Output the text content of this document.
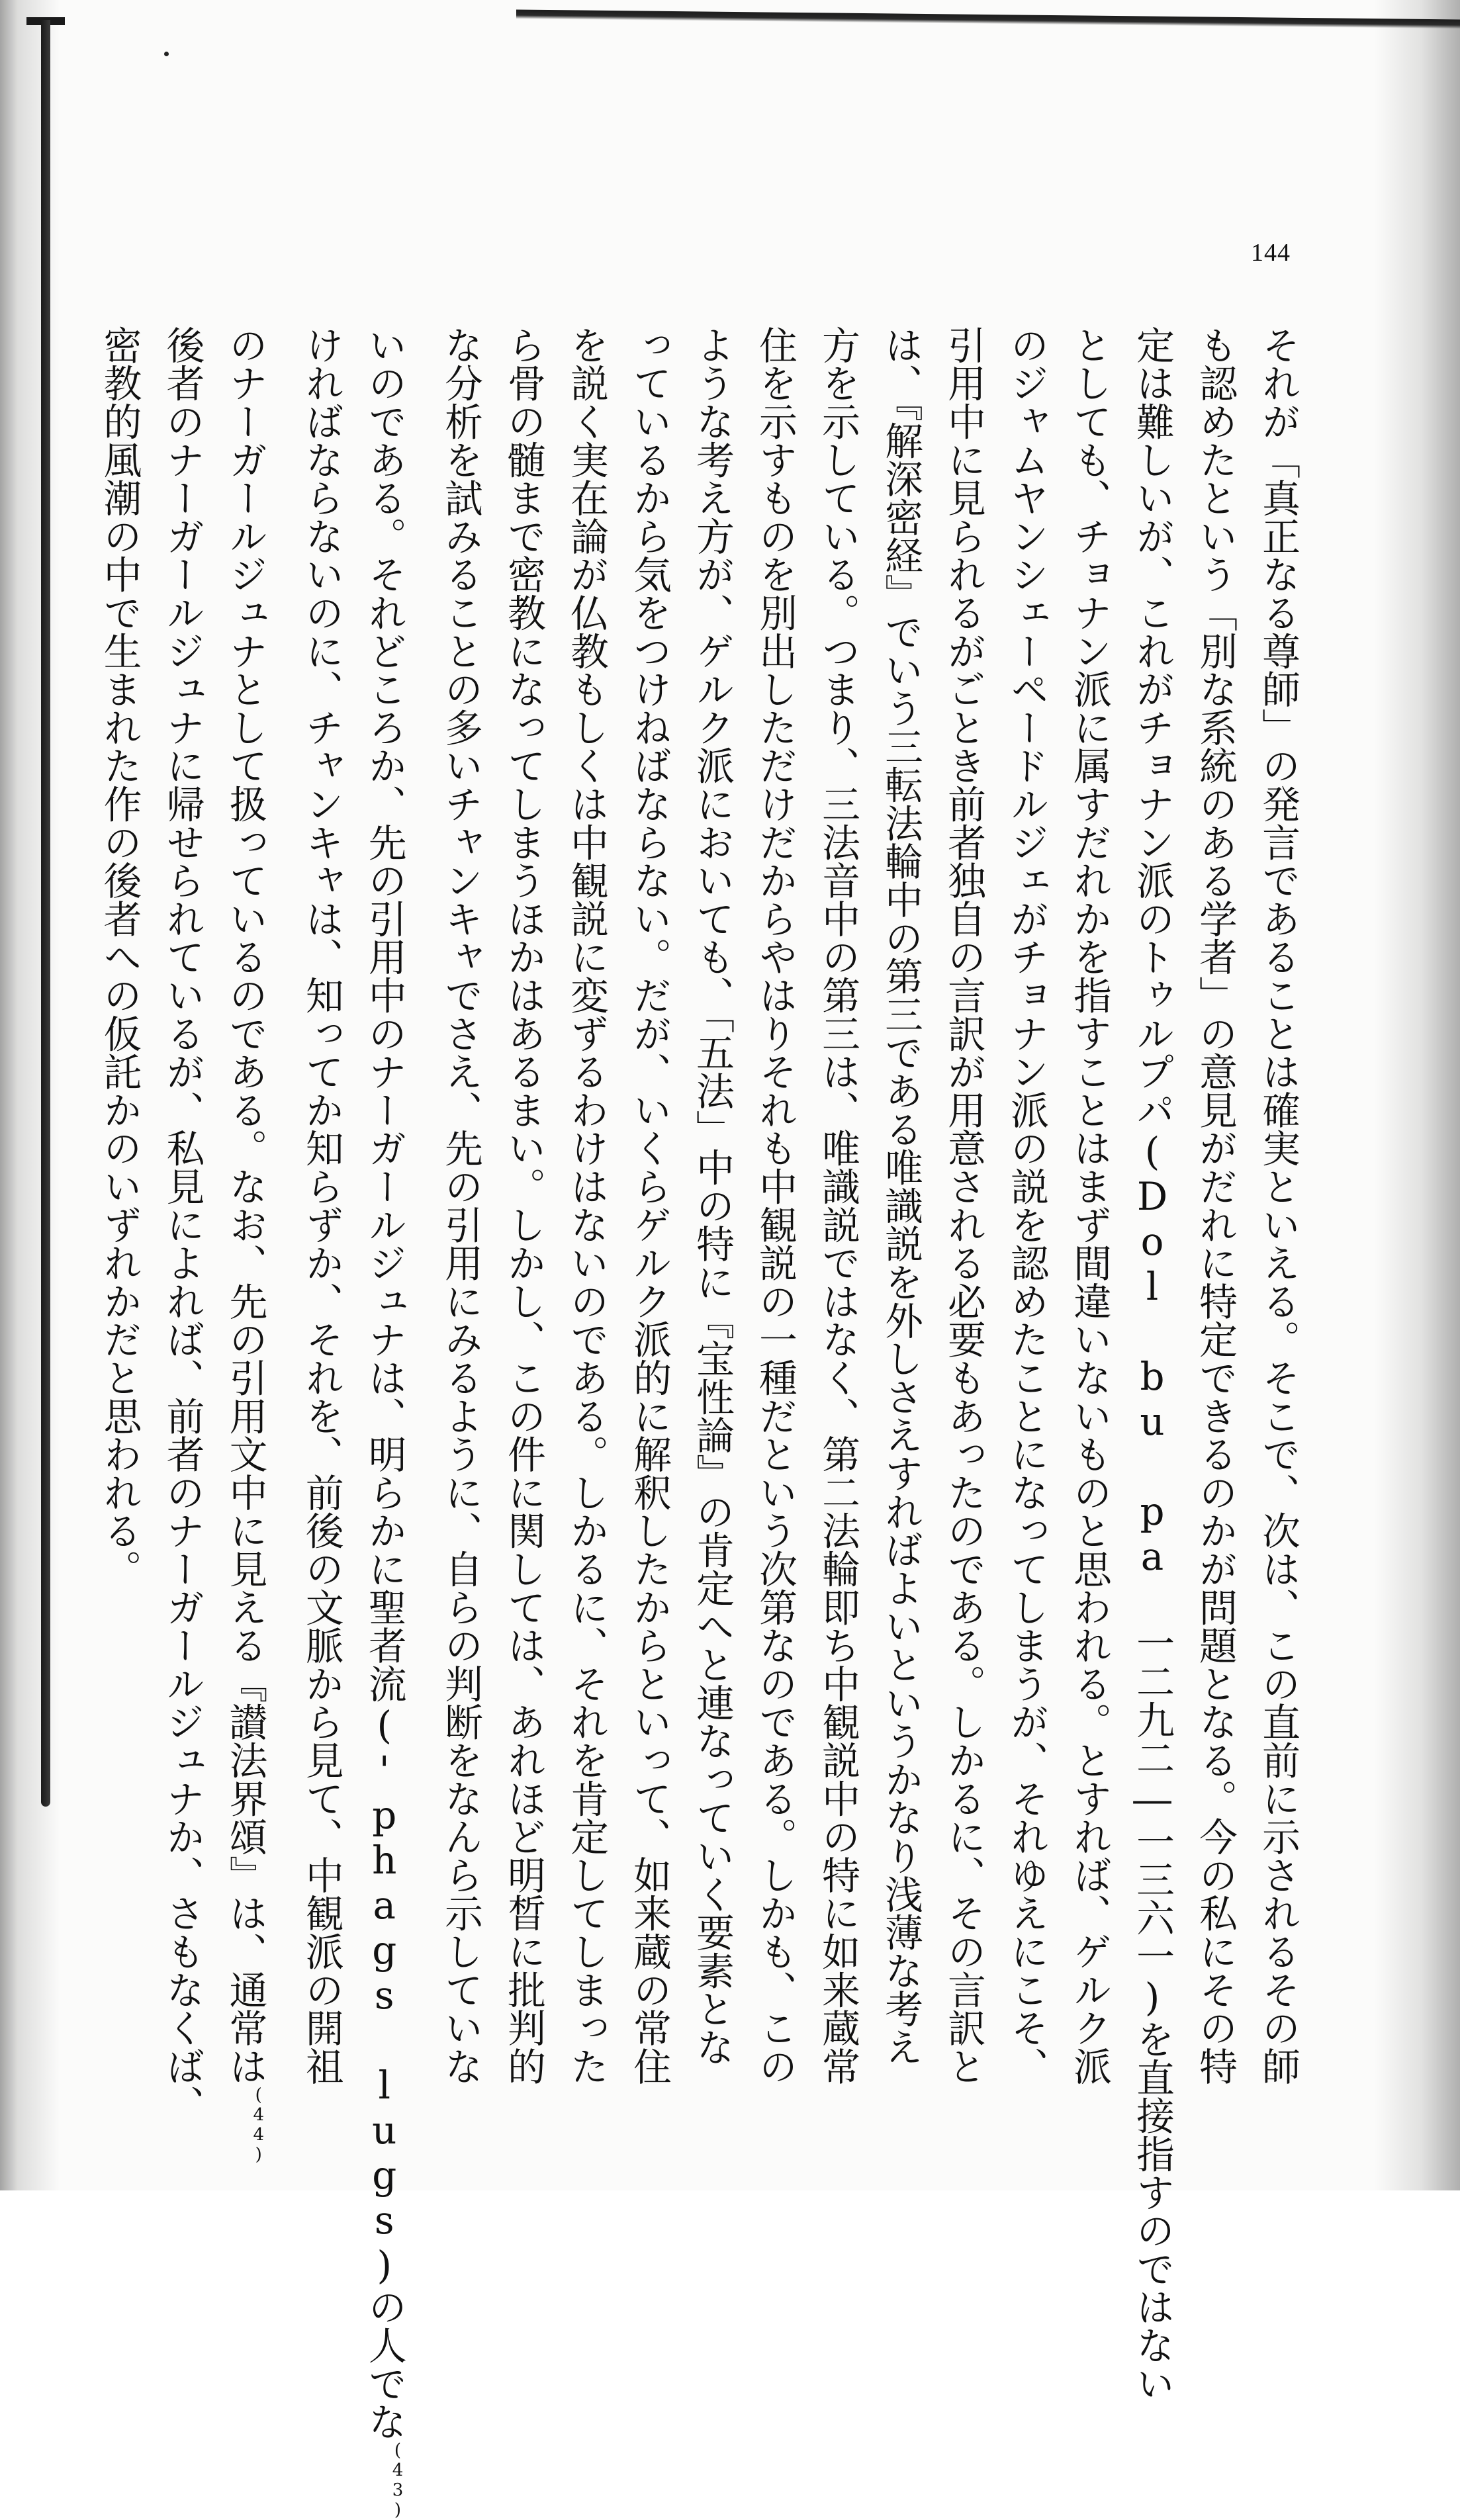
144
それが「真正なる尊師」の発言であることは確実といえる。そこで、次は、この直前に示されるその師
も認めたという「別な系統のある学者」の意見がだれに特定できるのかが問題となる。今の私にその特
定は難しいが、これがチョナン派のトゥルプパ(Dol bu pa 一二九二―一三六一)を直接指すのではない
としても、チョナン派に属すだれかを指すことはまず間違いないものと思われる。とすれば、ゲルク派
のジャムヤンシェーペードルジェがチョナン派の説を認めたことになってしまうが、それゆえにこそ、
引用中に見られるがごとき前者独自の言訳が用意される必要もあったのである。しかるに、その言訳と
は、『解深密経』でいう三転法輪中の第三である唯識説を外しさえすればよいというかなり浅薄な考え
方を示している。つまり、三法音中の第三は、唯識説ではなく、第二法輪即ち中観説中の特に如来蔵常
住を示すものを別出しただけだからやはりそれも中観説の一種だという次第なのである。しかも、この
ような考え方が、ゲルク派においても、「五法」中の特に『宝性論』の肯定へと連なっていく要素とな
っているから気をつけねばならない。だが、いくらゲルク派的に解釈したからといって、如来蔵の常住
を説く実在論が仏教もしくは中観説に変ずるわけはないのである。しかるに、それを肯定してしまった
ら骨の髄まで密教になってしまうほかはあるまい。しかし、この件に関しては、あれほど明晳に批判的
な分析を試みることの多いチャンキャでさえ、先の引用にみるように、自らの判断をなんら示していな
いのである。それどころか、先の引用中のナーガールジュナは、明らかに聖者流('phags lugs)の人でな$^{(43)}$
ければならないのに、チャンキャは、知ってか知らずか、それを、前後の文脈から見て、中観派の開祖
のナーガールジュナとして扱っているのである。なお、先の引用文中に見える『讃法界頌』は、通常は$^{(44)}$
後者のナーガールジュナに帰せられているが、私見によれば、前者のナーガールジュナか、さもなくば、
密教的風潮の中で生まれた作の後者への仮託かのいずれかだと思われる。
